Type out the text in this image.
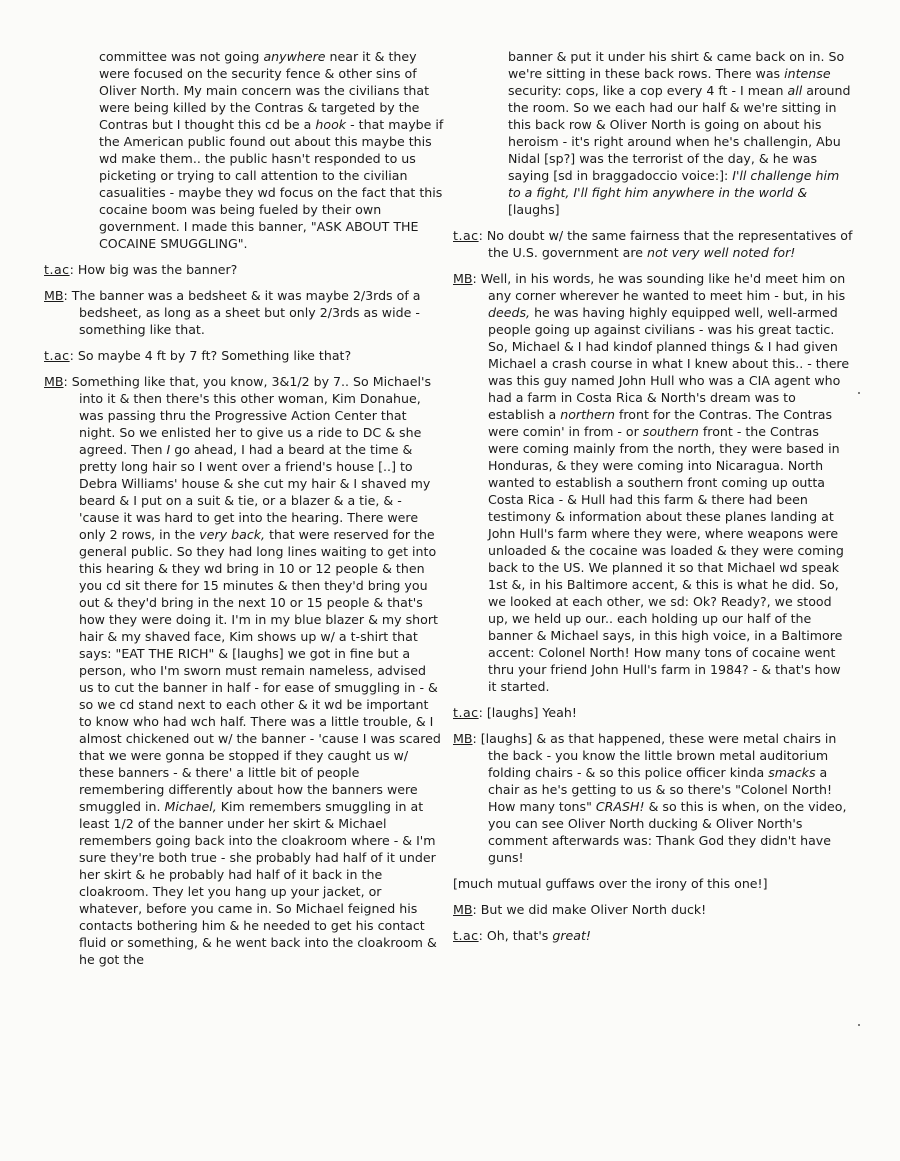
committee was not going anywhere near it & they were focused on the security fence & other sins of Oliver North. My main concern was the civilians that were being killed by the Contras & targeted by the Contras but I thought this cd be a hook - that maybe if the American public found out about this maybe this wd make them.. the public hasn't responded to us picketing or trying to call attention to the civilian casualities - maybe they wd focus on the fact that this cocaine boom was being fueled by their own government. I made this banner, "ASK ABOUT THE COCAINE SMUGGLING".

t.ac: How big was the banner?

MB: The banner was a bedsheet & it was maybe 2/3rds of a bedsheet, as long as a sheet but only 2/3rds as wide - something like that.

t.ac: So maybe 4 ft by 7 ft? Something like that?

MB: Something like that, you know, 3&1/2 by 7.. So Michael's into it & then there's this other woman, Kim Donahue, was passing thru the Progressive Action Center that night. So we enlisted her to give us a ride to DC & she agreed. Then I go ahead, I had a beard at the time & pretty long hair so I went over a friend's house [..] to Debra Williams' house & she cut my hair & I shaved my beard & I put on a suit & tie, or a blazer & a tie, & - 'cause it was hard to get into the hearing. There were only 2 rows, in the very back, that were reserved for the general public. So they had long lines waiting to get into this hearing & they wd bring in 10 or 12 people & then you cd sit there for 15 minutes & then they'd bring you out & they'd bring in the next 10 or 15 people & that's how they were doing it. I'm in my blue blazer & my short hair & my shaved face, Kim shows up w/ a t-shirt that says: "EAT THE RICH" & [laughs] we got in fine but a person, who I'm sworn must remain nameless, advised us to cut the banner in half - for ease of smuggling in - & so we cd stand next to each other & it wd be important to know who had wch half. There was a little trouble, & I almost chickened out w/ the banner - 'cause I was scared that we were gonna be stopped if they caught us w/ these banners - & there' a little bit of people remembering differently about how the banners were smuggled in. Michael, Kim remembers smuggling in at least 1/2 of the banner under her skirt & Michael remembers going back into the cloakroom where - & I'm sure they're both true - she probably had half of it under her skirt & he probably had half of it back in the cloakroom. They let you hang up your jacket, or whatever, before you came in. So Michael feigned his contacts bothering him & he needed to get his contact fluid or something, & he went back into the cloakroom & he got the

banner & put it under his shirt & came back on in. So we're sitting in these back rows. There was intense security: cops, like a cop every 4 ft - I mean all around the room. So we each had our half & we're sitting in this back row & Oliver North is going on about his heroism - it's right around when he's challengin, Abu Nidal [sp?] was the terrorist of the day, & he was saying [sd in braggadoccio voice:]: I'll challenge him to a fight, I'll fight him anywhere in the world & [laughs]

t.ac: No doubt w/ the same fairness that the representatives of the U.S. government are not very well noted for!

MB: Well, in his words, he was sounding like he'd meet him on any corner wherever he wanted to meet him - but, in his deeds, he was having highly equipped well, well-armed people going up against civilians - was his great tactic. So, Michael & I had kindof planned things & I had given Michael a crash course in what I knew about this.. - there was this guy named John Hull who was a CIA agent who had a farm in Costa Rica & North's dream was to establish a northern front for the Contras. The Contras were comin' in from - or southern front - the Contras were coming mainly from the north, they were based in Honduras, & they were coming into Nicaragua. North wanted to establish a southern front coming up outta Costa Rica - & Hull had this farm & there had been testimony & information about these planes landing at John Hull's farm where they were, where weapons were unloaded & the cocaine was loaded & they were coming back to the US. We planned it so that Michael wd speak 1st &, in his Baltimore accent, & this is what he did. So, we looked at each other, we sd: Ok? Ready?, we stood up, we held up our.. each holding up our half of the banner & Michael says, in this high voice, in a Baltimore accent: Colonel North! How many tons of cocaine went thru your friend John Hull's farm in 1984? - & that's how it started.

t.ac: [laughs] Yeah!

MB: [laughs] & as that happened, these were metal chairs in the back - you know the little brown metal auditorium folding chairs - & so this police officer kinda smacks a chair as he's getting to us & so there's "Colonel North! How many tons" CRASH! & so this is when, on the video, you can see Oliver North ducking & Oliver North's comment afterwards was: Thank God they didn't have guns!

[much mutual guffaws over the irony of this one!]

MB: But we did make Oliver North duck!

t.ac: Oh, that's great!
